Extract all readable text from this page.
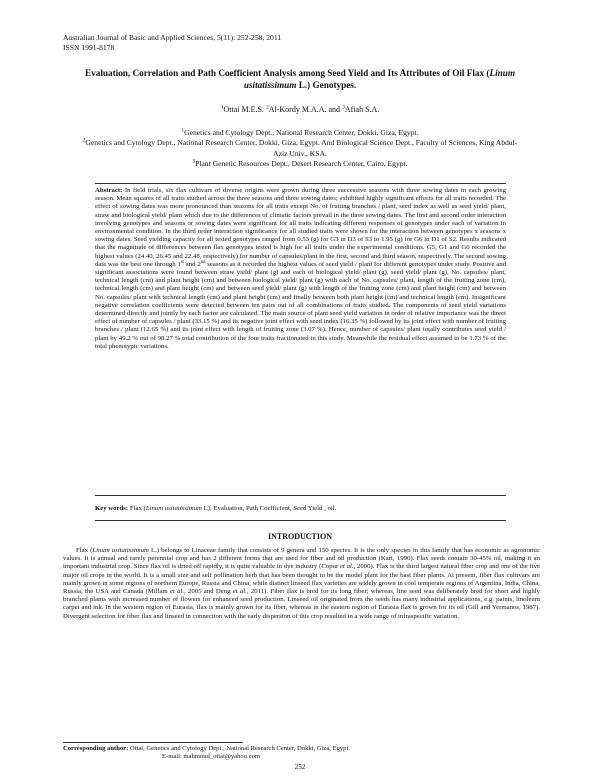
Australian Journal of Basic and Applied Sciences, 5(11): 252-258, 2011
ISSN 1991-8178
Evaluation, Correlation and Path Coefficient Analysis among Seed Yield and Its Attributes of Oil Flax (Linum usitatissimum L.) Genotypes.
$^1$Ottai M.E.S. $^2$Al-Kordy M.A.A. and $^3$Afiah S.A.
$^1$Genetics and Cytology Dept., National Research Center, Dokki, Giza, Egypt.
$^2$Genetics and Cytology Dept., National Research Center, Dokki, Giza, Egypt. And Biological Science Dept., Faculty of Sciences, King Abdul-Aziz Univ., KSA.
$^3$Plant Genetic Resources Dept., Desert Research Center, Cairo, Egypt.
Abstract: In field trials, six flax cultivars of diverse origins were grown during three successive seasons with three sowing dates in each growing season. Mean squares of all traits studied across the three seasons and three sowing dates; exhibited highly significant effects for all traits recorded. The effect of sowing dates was more pronounced than seasons for all traits except No. of fruiting branches / plant, seed index as well as seed yield/ plant, straw and biological yield/ plant which due to the differences of climatic factors prevail in the three sowing dates. The first and second order interaction involving genotypes and seasons or sowing dates were significant for all traits indicating different responses of genotypes under each of variation in environmental condition. In the third order interaction significance for all studied traits were shown for the interaction between genotypes x seasons x sowing dates. Seed yielding capacity for all tested genotypes ranged from 0.53 (g) for G3 in D3 of S3 to 1.95 (g) for G6 in D1 of S2. Results indicated that the magnitude of differences between flax genotypes tested is high for all traits under the experimental conditions. G5, G1 and G6 recorded the highest values (24.40, 26.45 and 22.48, respectively) for number of capsules/plant in the first, second and third season, respectively. The second sowing date was the best one through 1st and 2nd seasons as it recorded the highest values of seed yield / plant for different genotypes under study. Positive and significant associations were found between straw yield/ plant (g) and each of biological yield/ plant (g), seed yield/ plant (g), No. capsules/ plant, technical length (cm) and plant height (cm) and between biological yield/ plant (g) with each of No. capsules/ plant, length of the fruiting zone (cm), technical length (cm) and plant height (cm) and between seed yield/ plant (g) with length of the fruiting zone (cm) and plant height (cm) and between No. capsules/ plant with technical length (cm) and plant height (cm) and finally between both plant height (cm) and technical length (cm). Insignificant negative correlation coefficients were detected between ten pairs out of all combinations of traits studied. The components of seed yield variations determined directly and jointly by each factor are calculated. The main source of plant seed yield variation in order of relative importance was the direct effect of number of capsules / plant (33.15 %) and its negative joint effect with seed index (16.35 %) followed by its joint effect with number of fruiting branches / plant (12.65 %) and its joint effect with length of fruiting zone (3.07 %). Hence, number of capsules/ plant totally contributes seed yield / plant by 49.2 % out of 98.27 % total contribution of the four traits fractionated in this study. Meanwhile the residual effect assumed to be 1.73 % of the total phenotypic variations.
Key words: Flax (Linum usitatissimum L), Evaluation, Path Coefficient, Seed Yield , oil.
INTRODUCTION
Flax (Linum usitatissimum L.) belongs to Linaceae family that consists of 9 genera and 150 species. It is the only species in this family that has economic as agronomic values. It is annual and rarely perennial crop and has 2 different forms that are used for fiber and oil production (Kart, 1996). Flax seeds contain 30-45% oil, making it an important industrial crop. Since flax oil is dried off rapidly, it is quite valuable in dye industry (Copur et al., 2006). Flax is the third largest natural fiber crop and one of the five major oil crops in the world. It is a small size and self pollination herb that has been thought to be the model plant for the bast fiber plants. At present, fiber flax cultivars are mainly grown in some regions of northern Europe, Russia and China, while distinct linseed flax varieties are widely grown in cool temperate regions of Argentina, India, China, Russia, the USA and Canada (Millam et al., 2005 and Deng et al., 2011). Fiber flax is bred for its long fiber; whereas, line seed was deliberately bred for short and highly branched plants with increased number of flowers for enhanced seed production. Linseed oil originated from the seeds has many industrial applications, e.g. paints, linoleum carpet and ink. In the western region of Eurasia, flax is mainly grown for its fiber, whereas in the eastern region of Eurasia flax is grown for its oil (Gill and Yermanos, 1987). Divergent selection for fiber flax and linseed in connection with the early dispersion of this crop resulted in a wide range of infraspecific variation.
Corresponding author: Ottai, Genetics and Cytology Dept., National Research Center, Dokki, Giza, Egypt.
E-mail: mahmoud_ottai@yahoo.com
252
